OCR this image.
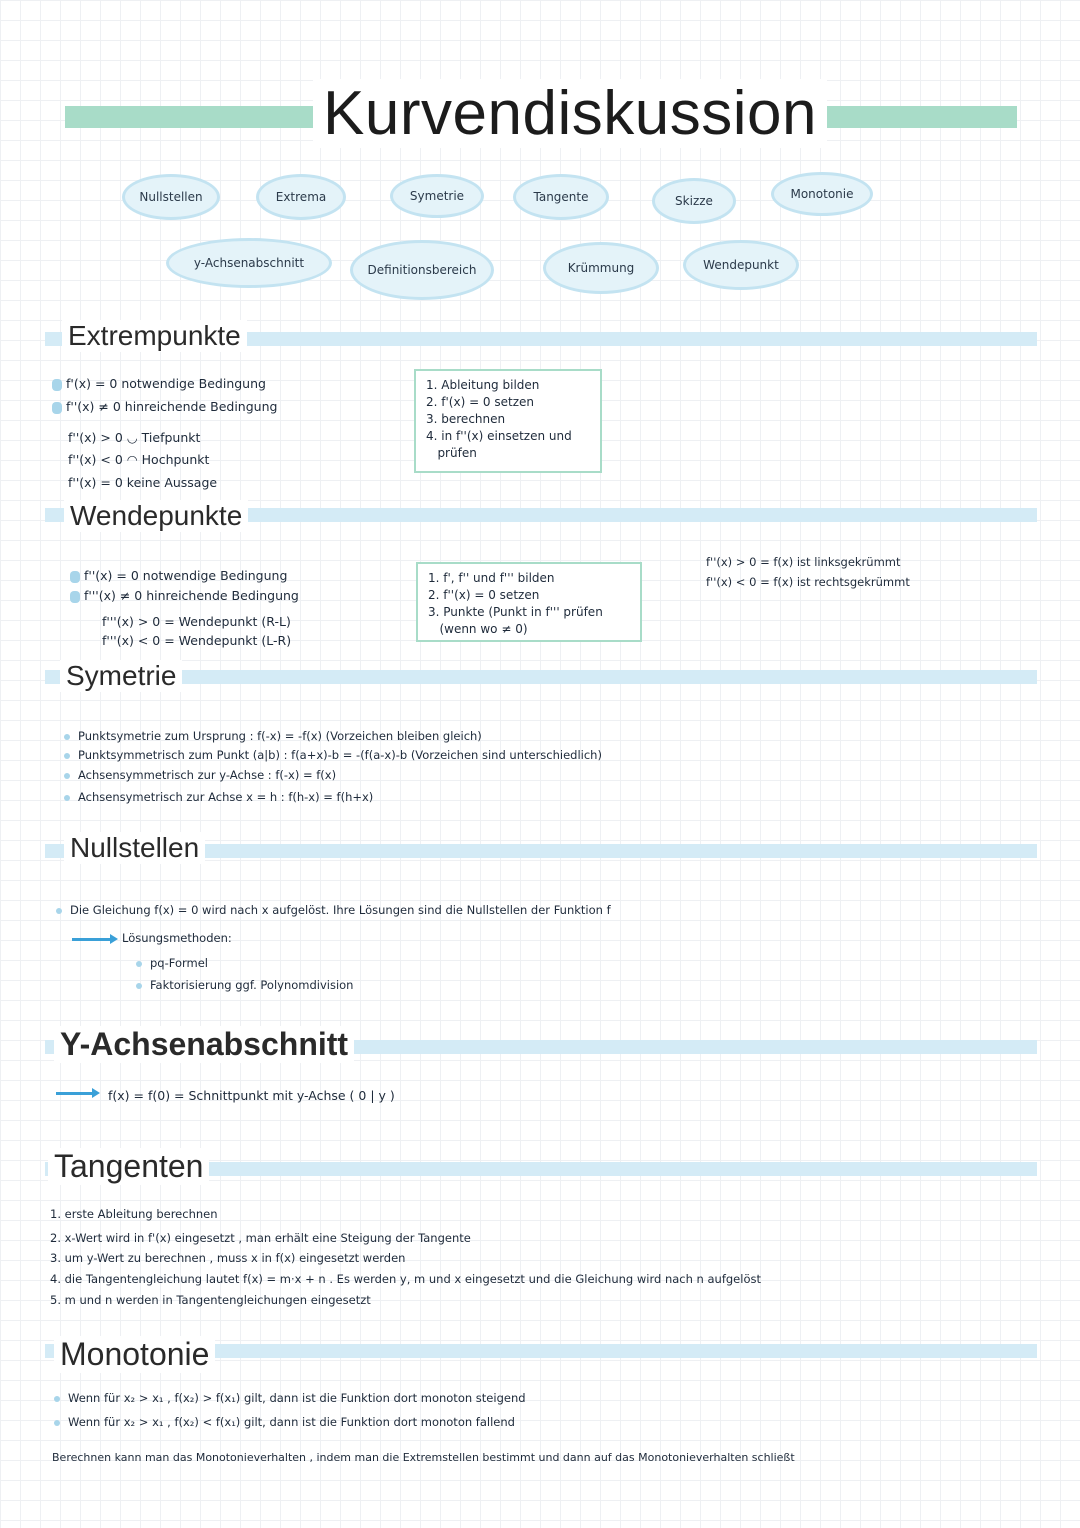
Kurvendiskussion
Nullstellen	Extrema	Symetrie	Tangente	Skizze	Monotonie
y-Achsenabschnitt	Definitionsbereich	Krümmung	Wendepunkt
Extrempunkte
f'(x) = 0 notwendige Bedingung
f''(x) ≠ 0 hinreichende Bedingung
f''(x) > 0 ◡ Tiefpunkt
f''(x) < 0 ◠ Hochpunkt
f''(x) = 0 keine Aussage
1. Ableitung bilden
2. f'(x) = 0 setzen
3. berechnen
4. in f''(x) einsetzen und
prüfen
Wendepunkte
f''(x) = 0 notwendige Bedingung
f'''(x) ≠ 0 hinreichende Bedingung
f'''(x) > 0 = Wendepunkt (R-L)
f'''(x) < 0 = Wendepunkt (L-R)
1. f', f'' und f''' bilden
2. f''(x) = 0 setzen
3. Punkte (Punkt in f''' prüfen
(wenn wo ≠ 0)
f''(x) > 0 = f(x) ist linksgekrümmt
f''(x) < 0 = f(x) ist rechtsgekrümmt
Symetrie
Punktsymetrie zum Ursprung : f(-x) = -f(x) (Vorzeichen bleiben gleich)
Punktsymmetrisch zum Punkt (a|b) : f(a+x)-b = -(f(a-x)-b (Vorzeichen sind unterschiedlich)
Achsensymmetrisch zur y-Achse : f(-x) = f(x)
Achsensymetrisch zur Achse x = h : f(h-x) = f(h+x)
Nullstellen
Die Gleichung f(x) = 0 wird nach x aufgelöst. Ihre Lösungen sind die Nullstellen der Funktion f
Lösungsmethoden:
pq-Formel
Faktorisierung ggf. Polynomdivision
Y-Achsenabschnitt
f(x) = f(0) = Schnittpunkt mit y-Achse ( 0 | y )
Tangenten
1. erste Ableitung berechnen
2. x-Wert wird in f'(x) eingesetzt , man erhält eine Steigung der Tangente
3. um y-Wert zu berechnen , muss x in f(x) eingesetzt werden
4. die Tangentengleichung lautet f(x) = m·x + n . Es werden y, m und x eingesetzt und die Gleichung wird nach n aufgelöst
5. m und n werden in Tangentengleichungen eingesetzt
Monotonie
Wenn für x₂ > x₁ , f(x₂) > f(x₁) gilt, dann ist die Funktion dort monoton steigend
Wenn für x₂ > x₁ , f(x₂) < f(x₁) gilt, dann ist die Funktion dort monoton fallend
Berechnen kann man das Monotonieverhalten , indem man die Extremstellen bestimmt und dann auf das Monotonieverhalten schließt
